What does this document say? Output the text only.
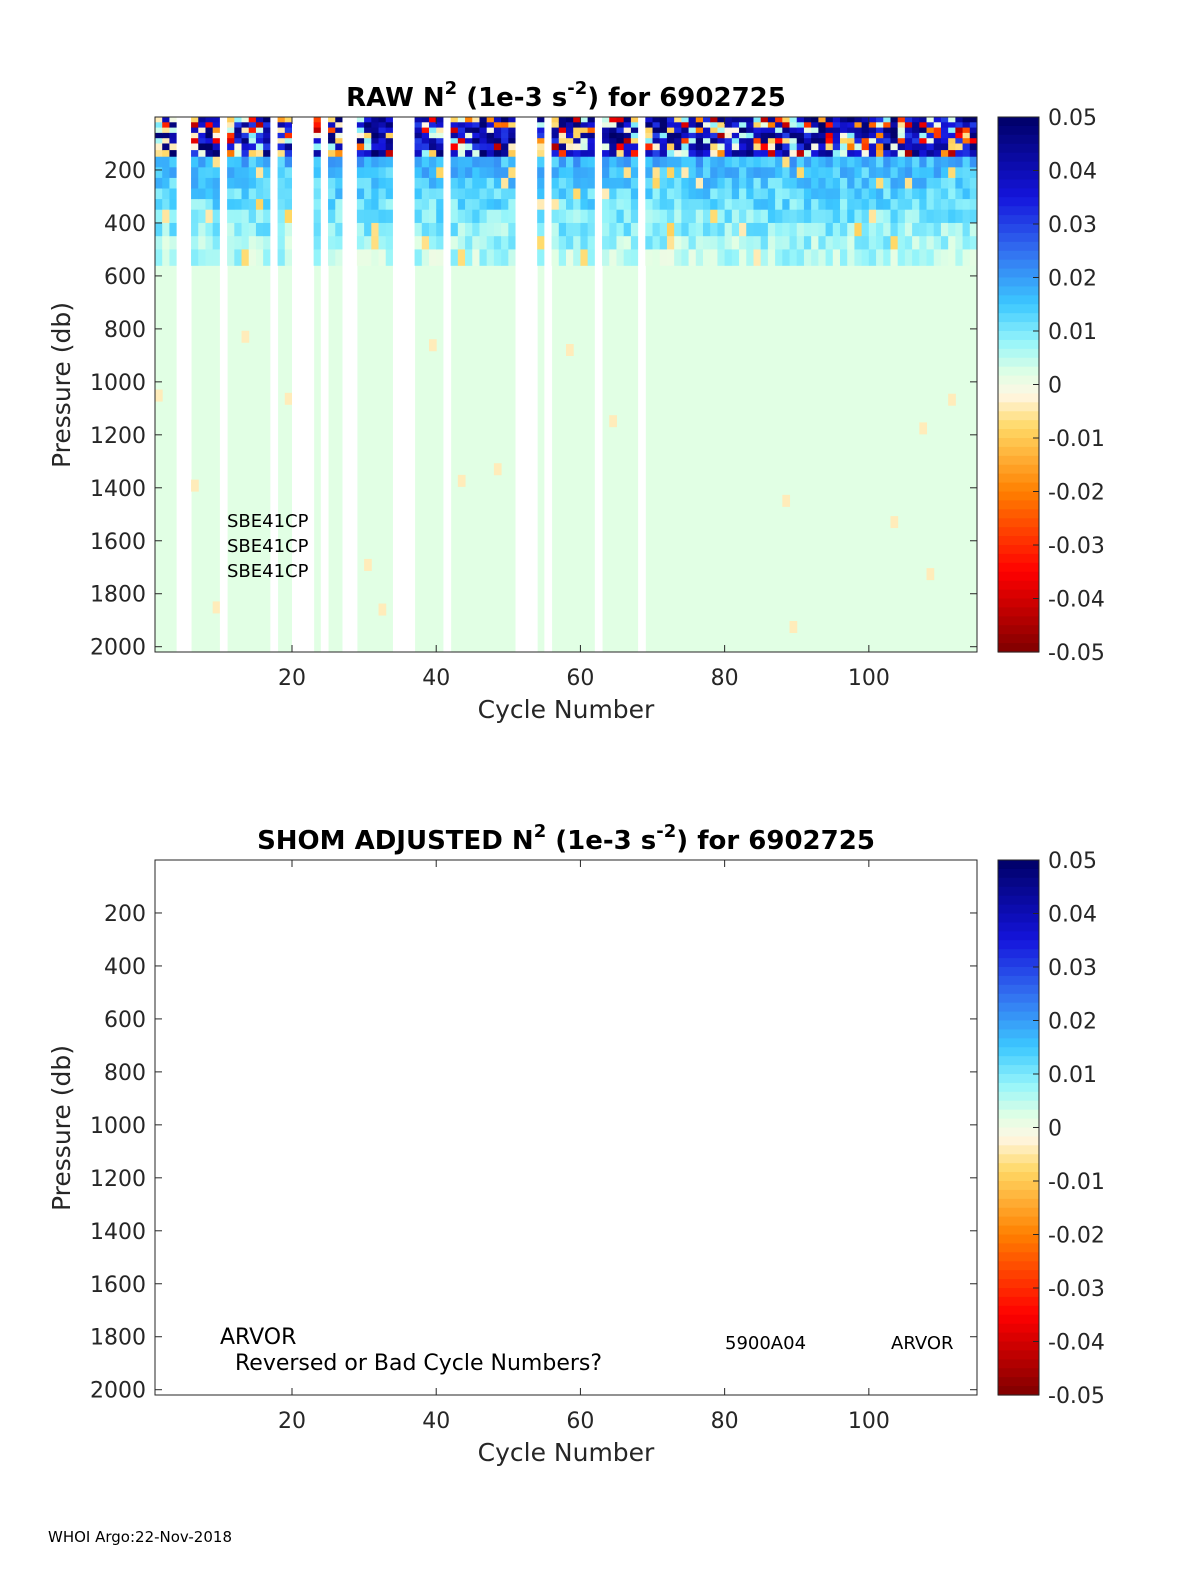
RAW $N^2$ (1e-3 $s^{-2}$) for 6902725
20	40	60	80	100
200
400
600
800
1000
1200
1400
1600
1800
2000
Cycle Number
Pressure (db)
SBE41CP
SBE41CP
SBE41CP
0.05
0.04
0.03
0.02
0.01
0
-0.01
-0.02
-0.03
-0.04
-0.05
SHOM ADJUSTED $N^2$ (1e-3 $s^{-2}$) for 6902725
20	40	60	80	100
200
400
600
800
1000
1200
1400
1600
1800
2000
Cycle Number
Pressure (db)
ARVOR
Reversed or Bad Cycle Numbers?
5900A04	ARVOR
0.05
0.04
0.03
0.02
0.01
0
-0.01
-0.02
-0.03
-0.04
-0.05
WHOI Argo:22-Nov-2018
